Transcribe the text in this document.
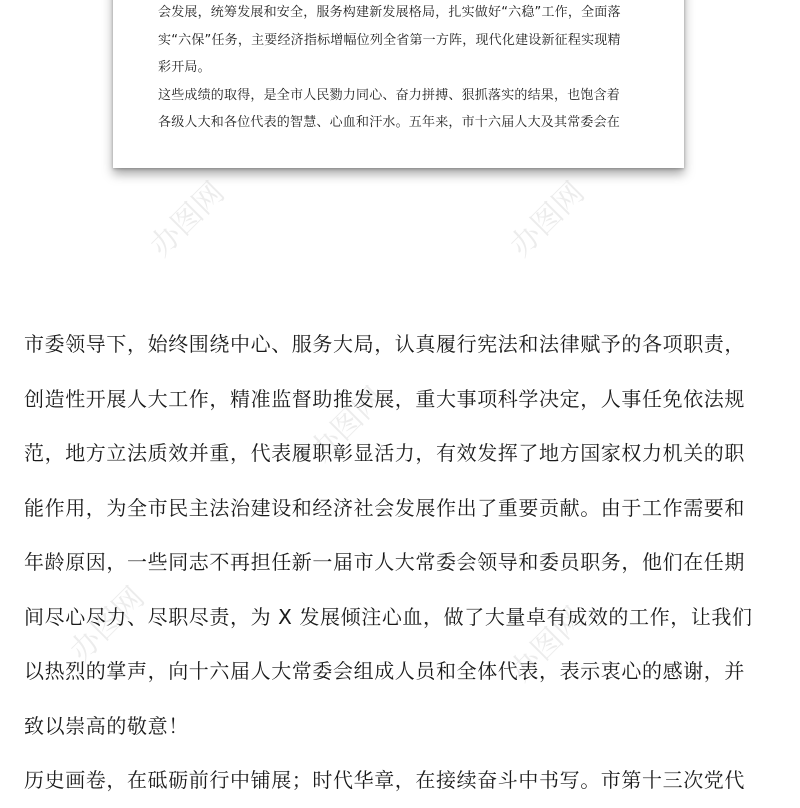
会发展，统筹发展和安全，服务构建新发展格局，扎实做好“六稳”工作，全面落

实“六保”任务，主要经济指标增幅位列全省第一方阵，现代化建设新征程实现精

彩开局。

这些成绩的取得，是全市人民勠力同心、奋力拼搏、狠抓落实的结果，也饱含着

各级人大和各位代表的智慧、心血和汗水。五年来，市十六届人大及其常委会在

办图网	办图网
办图网
办图网	办图网
市委领导下，始终围绕中心、服务大局，认真履行宪法和法律赋予的各项职责，
创造性开展人大工作，精准监督助推发展，重大事项科学决定，人事任免依法规
范，地方立法质效并重，代表履职彰显活力，有效发挥了地方国家权力机关的职
能作用，为全市民主法治建设和经济社会发展作出了重要贡献。由于工作需要和
年龄原因，一些同志不再担任新一届市人大常委会领导和委员职务，他们在任期
间尽心尽力、尽职尽责，为 X 发展倾注心血，做了大量卓有成效的工作，让我们
以热烈的掌声，向十六届人大常委会组成人员和全体代表，表示衷心的感谢，并
致以崇高的敬意！
历史画卷，在砥砺前行中铺展；时代华章，在接续奋斗中书写。市第十三次党代
